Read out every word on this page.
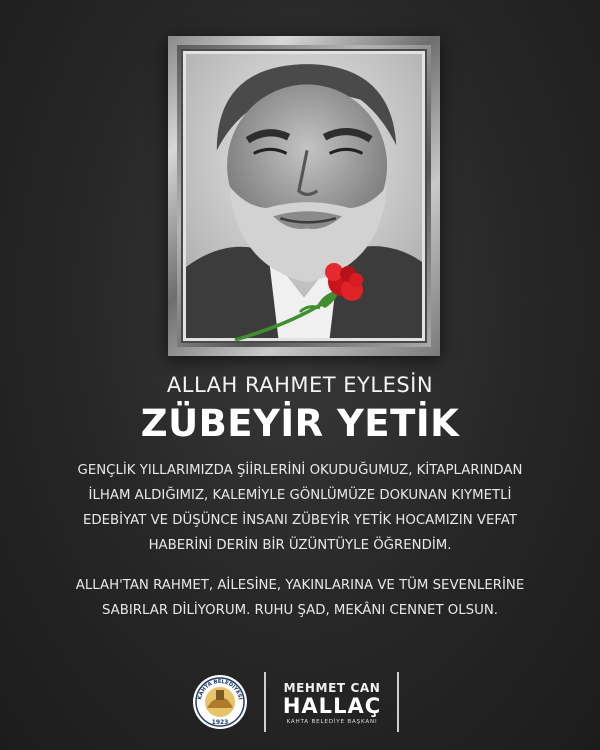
ALLAH RAHMET EYLESİN
ZÜBEYİR YETİK
GENÇLİK YILLARIMIZDA ŞİİRLERİNİ OKUDUĞUMUZ, KİTAPLARINDAN
İLHAM ALDIĞIMIZ, KALEMİYLE GÖNLÜMÜZE DOKUNAN KIYMETLİ
EDEBİYAT VE DÜŞÜNCE İNSANI ZÜBEYİR YETİK HOCAMIZIN VEFAT
HABERİNİ DERİN BİR ÜZÜNTÜYLE ÖĞRENDİM.
ALLAH'TAN RAHMET, AİLESİNE, YAKINLARINA VE TÜM SEVENLERİNE
SABIRLAR DİLİYORUM. RUHU ŞAD, MEKÂNI CENNET OLSUN.
KAHTA BELEDİYESİ
1923
MEHMET CAN
HALLAÇ
KAHTA BELEDİYE BAŞKANI
